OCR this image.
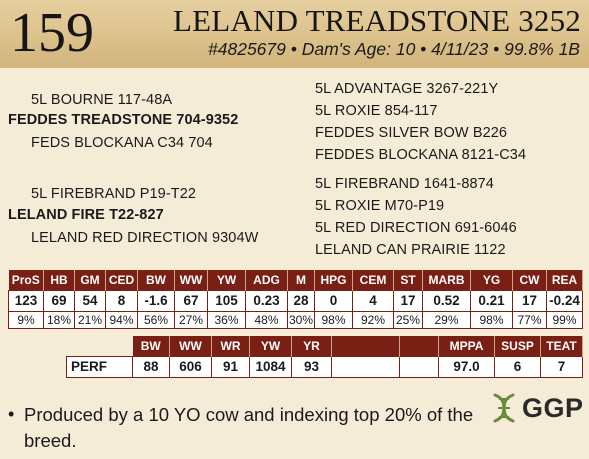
159	LELAND TREADSTONE 3252
#4825679 • Dam's Age: 10 • 4/11/23 • 99.8% 1B
5L BOURNE 117-48A
FEDDES TREADSTONE 704-9352
FEDS BLOCKANA C34 704
5L FIREBRAND P19-T22
LELAND FIRE T22-827
LELAND RED DIRECTION 9304W
5L ADVANTAGE 3267-221Y
5L ROXIE 854-117
FEDDES SILVER BOW B226
FEDDES BLOCKANA 8121-C34
5L FIREBRAND 1641-8874
5L ROXIE M70-P19
5L RED DIRECTION 691-6046
LELAND CAN PRAIRIE 1122
ProS	HB	GM	CED	BW	WW	YW	ADG	M	HPG	CEM	ST	MARB	YG	CW	REA
123	69	54	8	-1.6	67	105	0.23	28	0	4	17	0.52	0.21	17	-0.24
9%	18%	21%	94%	56%	27%	36%	48%	30%	98%	92%	25%	29%	98%	77%	99%
	BW	WW	WR	YW	YR			MPPA	SUSP	TEAT
PERF	88	606	91	1084	93			97.0	6	7
• Produced by a 10 YO cow and indexing top 20% of the breed.
GGP
